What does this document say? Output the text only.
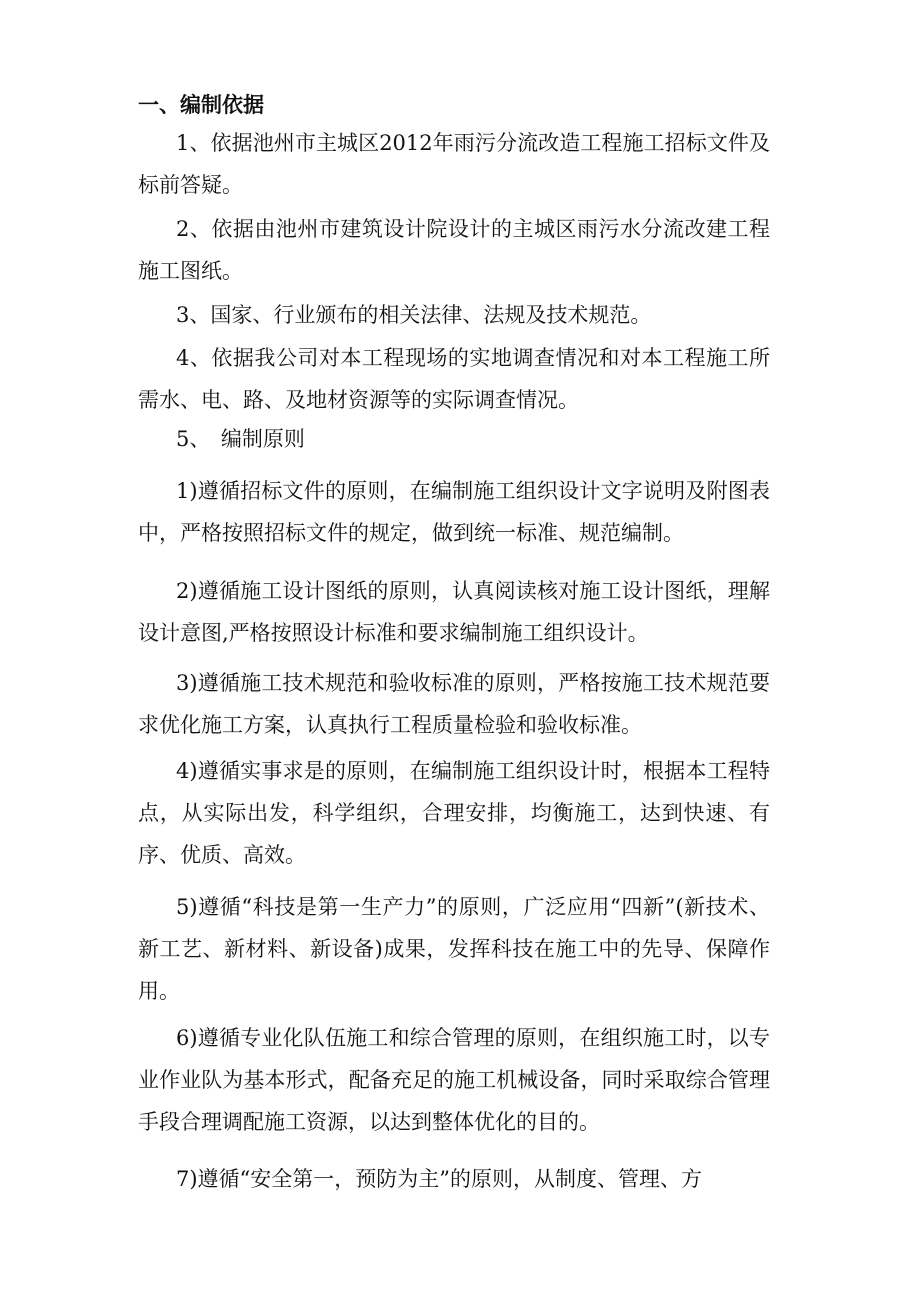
一、编制依据

1、依据池州市主城区2012年雨污分流改造工程施工招标文件及标前答疑。

2、依据由池州市建筑设计院设计的主城区雨污水分流改建工程施工图纸。

3、国家、行业颁布的相关法律、法规及技术规范。

4、依据我公司对本工程现场的实地调查情况和对本工程施工所需水、电、路、及地材资源等的实际调查情况。

5、　编制原则

1)遵循招标文件的原则，在编制施工组织设计文字说明及附图表中，严格按照招标文件的规定，做到统一标准、规范编制。

2)遵循施工设计图纸的原则，认真阅读核对施工设计图纸，理解设计意图,严格按照设计标准和要求编制施工组织设计。

3)遵循施工技术规范和验收标准的原则，严格按施工技术规范要求优化施工方案，认真执行工程质量检验和验收标准。

4)遵循实事求是的原则，在编制施工组织设计时，根据本工程特点，从实际出发，科学组织，合理安排，均衡施工，达到快速、有序、优质、高效。

5)遵循“科技是第一生产力”的原则，广泛应用“四新”(新技术、新工艺、新材料、新设备)成果，发挥科技在施工中的先导、保障作用。

6)遵循专业化队伍施工和综合管理的原则，在组织施工时，以专业作业队为基本形式，配备充足的施工机械设备，同时采取综合管理手段合理调配施工资源，以达到整体优化的目的。

7)遵循“安全第一，预防为主”的原则，从制度、管理、方
